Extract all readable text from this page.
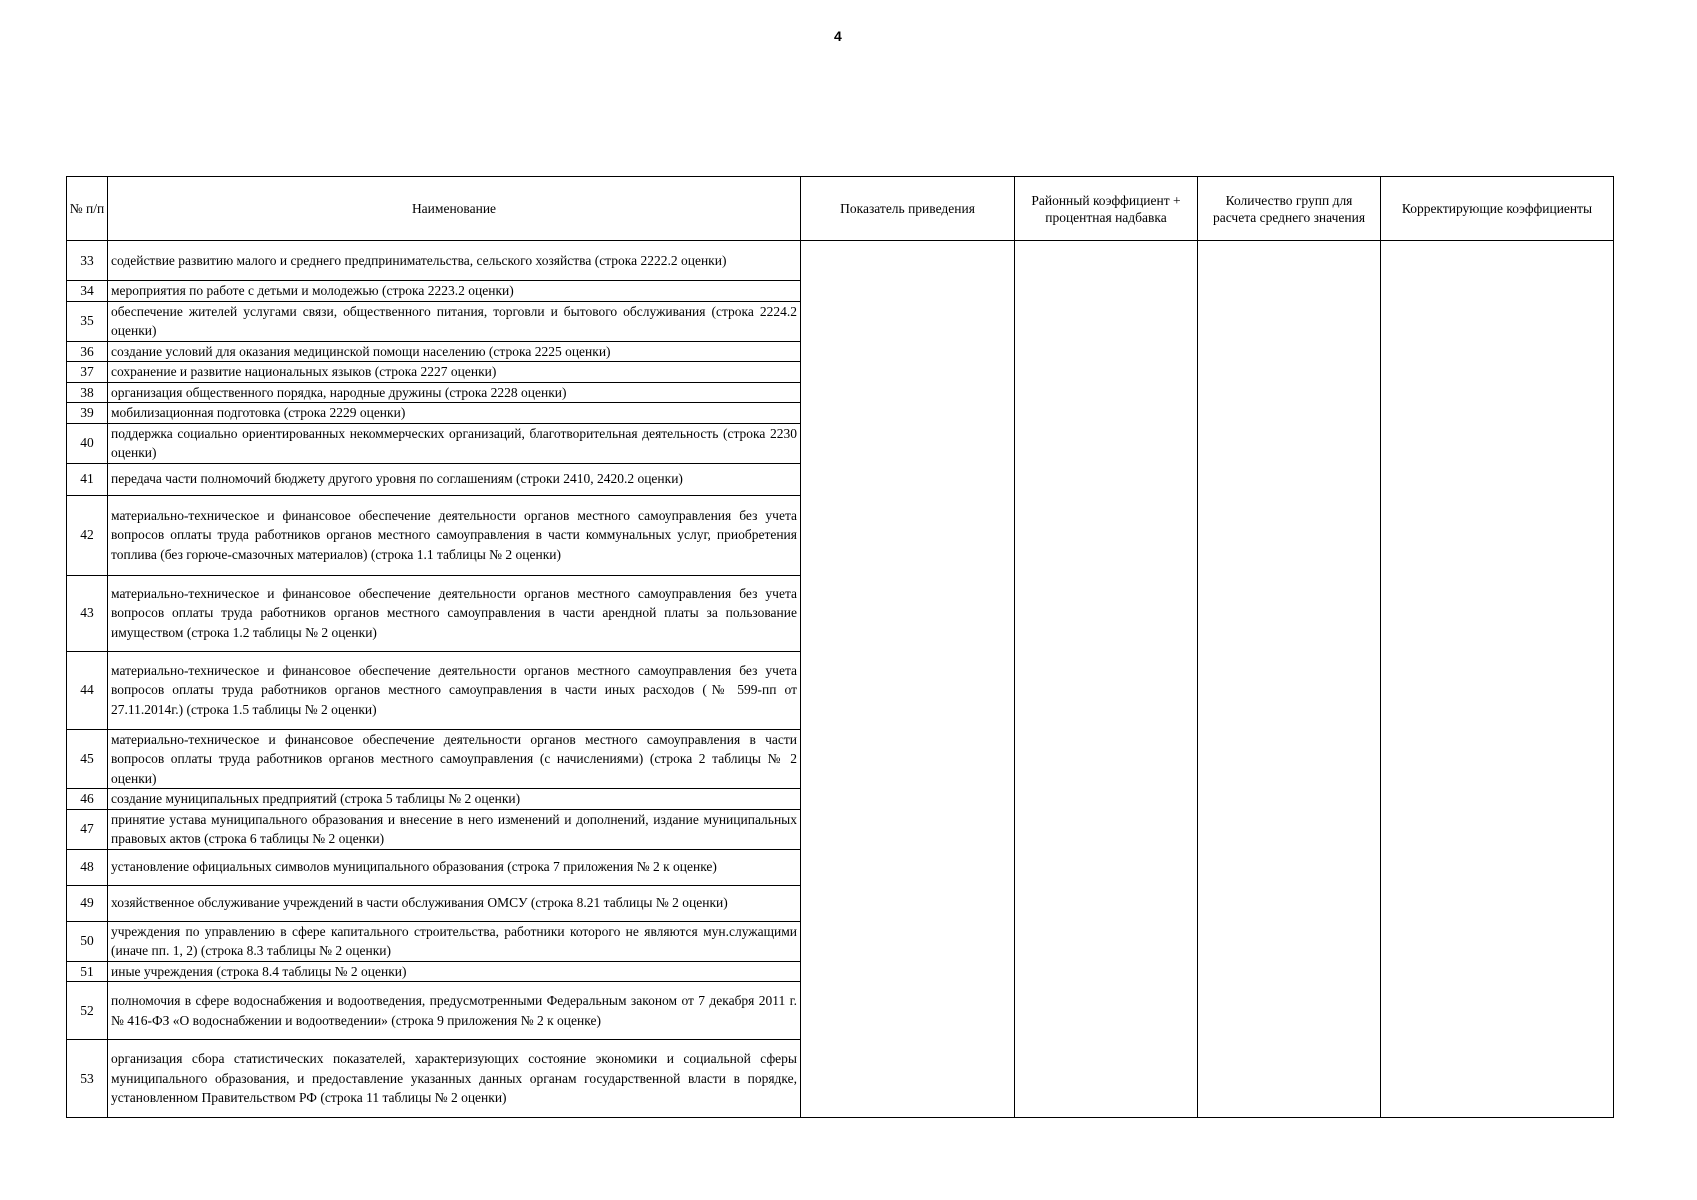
4
№ п/п	Наименование	Показатель приведения	Районный коэффициент + процентная надбавка	Количество групп для расчета среднего значения	Корректирующие коэффициенты
33	содействие развитию малого и среднего предпринимательства, сельского хозяйства (строка 2222.2 оценки)				
34	мероприятия по работе с детьми и молодежью (строка 2223.2 оценки)				
35	обеспечение жителей услугами связи, общественного питания, торговли и бытового обслуживания (строка 2224.2 оценки)				
36	создание условий для оказания медицинской помощи населению (строка 2225 оценки)				
37	сохранение и развитие национальных языков (строка 2227 оценки)				
38	организация общественного порядка, народные дружины (строка 2228 оценки)				
39	мобилизационная подготовка (строка 2229 оценки)				
40	поддержка социально ориентированных некоммерческих организаций, благотворительная деятельность (строка 2230 оценки)				
41	передача части полномочий бюджету другого уровня по соглашениям (строки 2410, 2420.2 оценки)				
42	материально-техническое и финансовое обеспечение деятельности органов местного самоуправления без учета вопросов оплаты труда работников органов местного самоуправления в части коммунальных услуг, приобретения топлива (без горюче-смазочных материалов) (строка 1.1 таблицы № 2 оценки)				
43	материально-техническое и финансовое обеспечение деятельности органов местного самоуправления без учета вопросов оплаты труда работников органов местного самоуправления в части арендной платы за пользование имуществом (строка 1.2 таблицы № 2 оценки)				
44	материально-техническое и финансовое обеспечение деятельности органов местного самоуправления без учета вопросов оплаты труда работников органов местного самоуправления в части иных расходов (№ 599-пп от 27.11.2014г.) (строка 1.5 таблицы № 2 оценки)				
45	материально-техническое и финансовое обеспечение деятельности органов местного самоуправления в части вопросов оплаты труда работников органов местного самоуправления (с начислениями) (строка 2 таблицы № 2 оценки)				
46	создание муниципальных предприятий (строка 5 таблицы № 2 оценки)				
47	принятие устава муниципального образования и внесение в него изменений и дополнений, издание муниципальных правовых актов (строка 6 таблицы № 2 оценки)				
48	установление официальных символов муниципального образования (строка 7 приложения № 2 к оценке)				
49	хозяйственное обслуживание учреждений в части обслуживания ОМСУ (строка 8.21 таблицы № 2 оценки)				
50	учреждения по управлению в сфере капитального строительства, работники которого не являются мун.служащими (иначе пп. 1, 2) (строка 8.3 таблицы № 2 оценки)				
51	иные учреждения (строка 8.4 таблицы № 2 оценки)				
52	полномочия в сфере водоснабжения и водоотведения, предусмотренными Федеральным законом от 7 декабря 2011 г. № 416-ФЗ «О водоснабжении и водоотведении» (строка 9 приложения № 2 к оценке)				
53	организация сбора статистических показателей, характеризующих состояние экономики и социальной сферы муниципального образования, и предоставление указанных данных органам государственной власти в порядке, установленном Правительством РФ (строка 11 таблицы № 2 оценки)				
